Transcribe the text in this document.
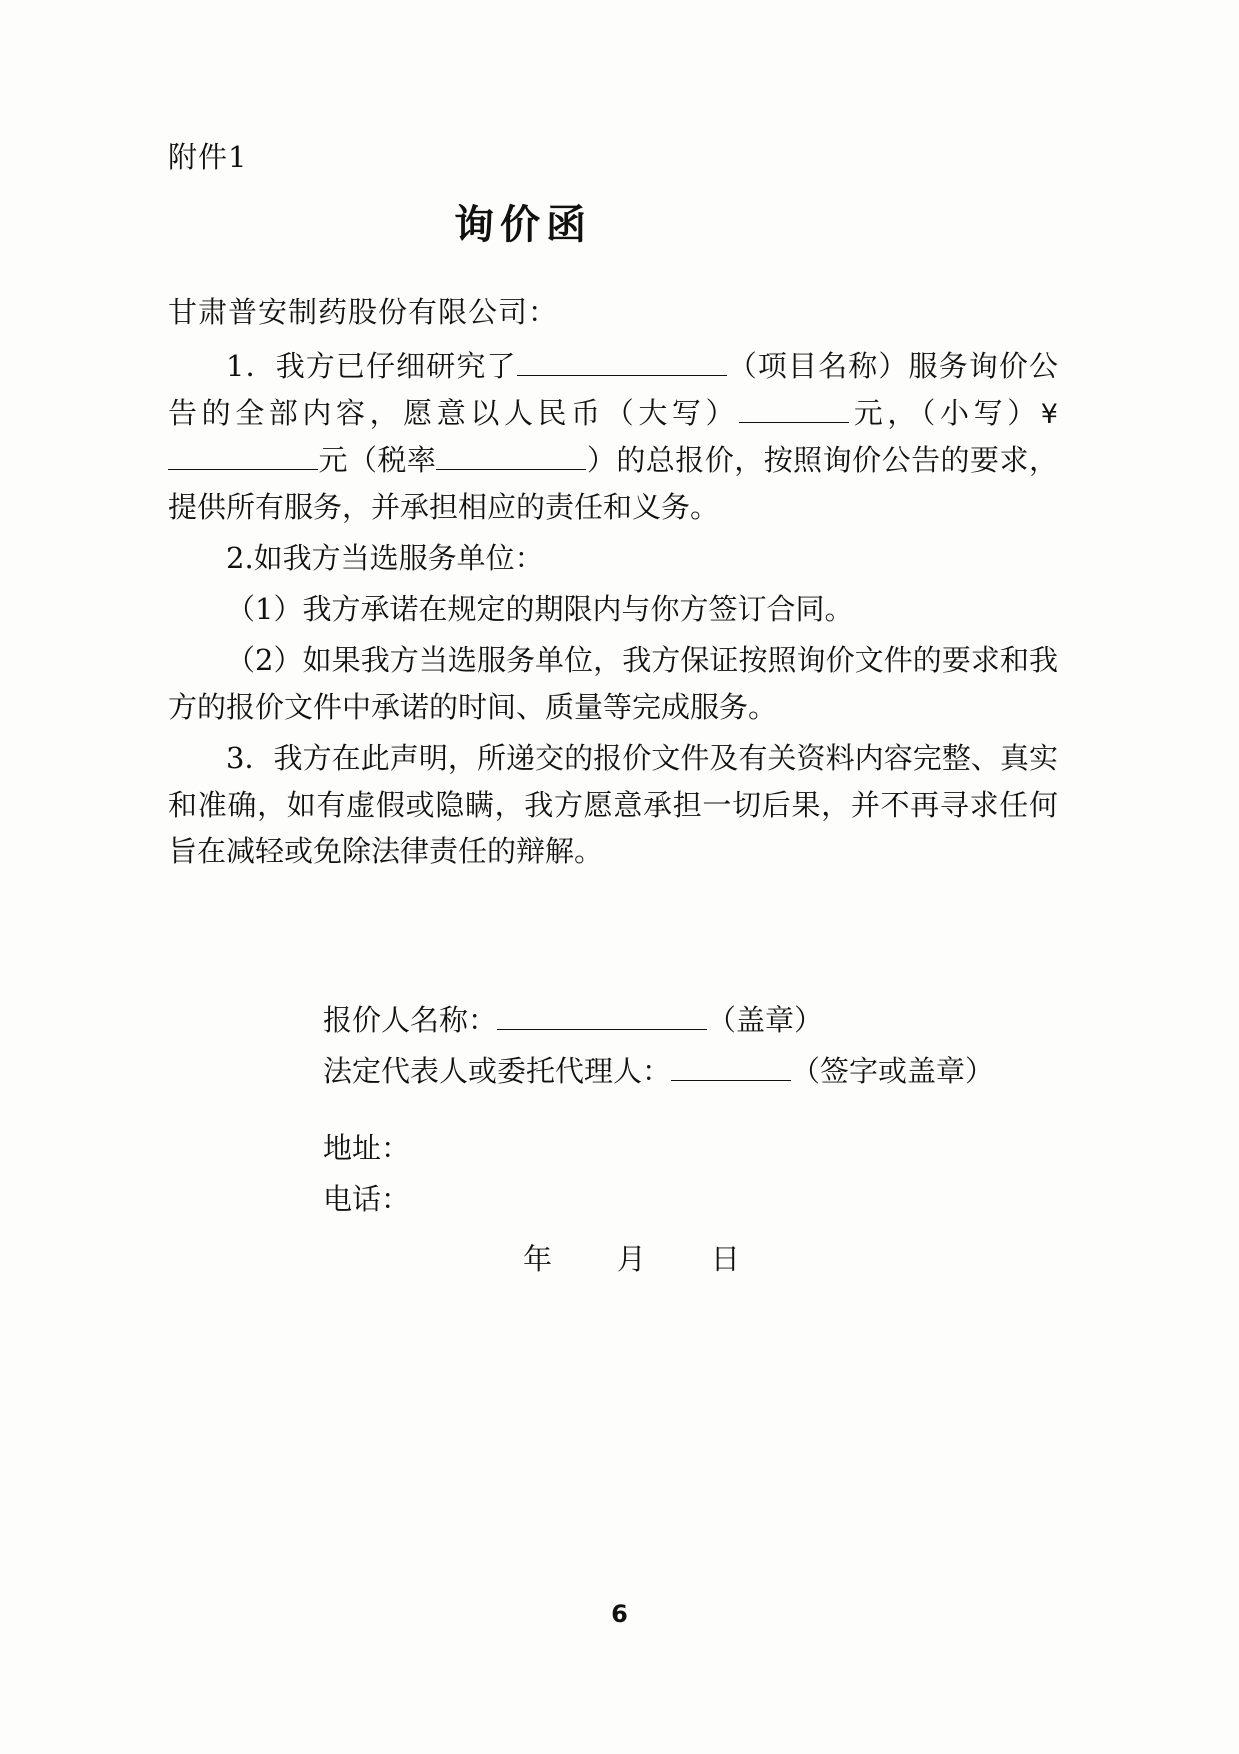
附件1
询价函
甘肃普安制药股份有限公司：

1．我方已仔细研究了	（项目名称）服务询价公告的全部内容，愿意以人民币（大写）	元，（小写）¥元（税率	）的总报价，按照询价公告的要求，提供所有服务，并承担相应的责任和义务。

2.如我方当选服务单位：

（1）我方承诺在规定的期限内与你方签订合同。

（2）如果我方当选服务单位，我方保证按照询价文件的要求和我方的报价文件中承诺的时间、质量等完成服务。

3．我方在此声明，所递交的报价文件及有关资料内容完整、真实和准确，如有虚假或隐瞒，我方愿意承担一切后果，并不再寻求任何旨在减轻或免除法律责任的辩解。

报价人名称：	（盖章）
法定代表人或委托代理人：	（签字或盖章）
地址：
电话：
年 月 日
6
